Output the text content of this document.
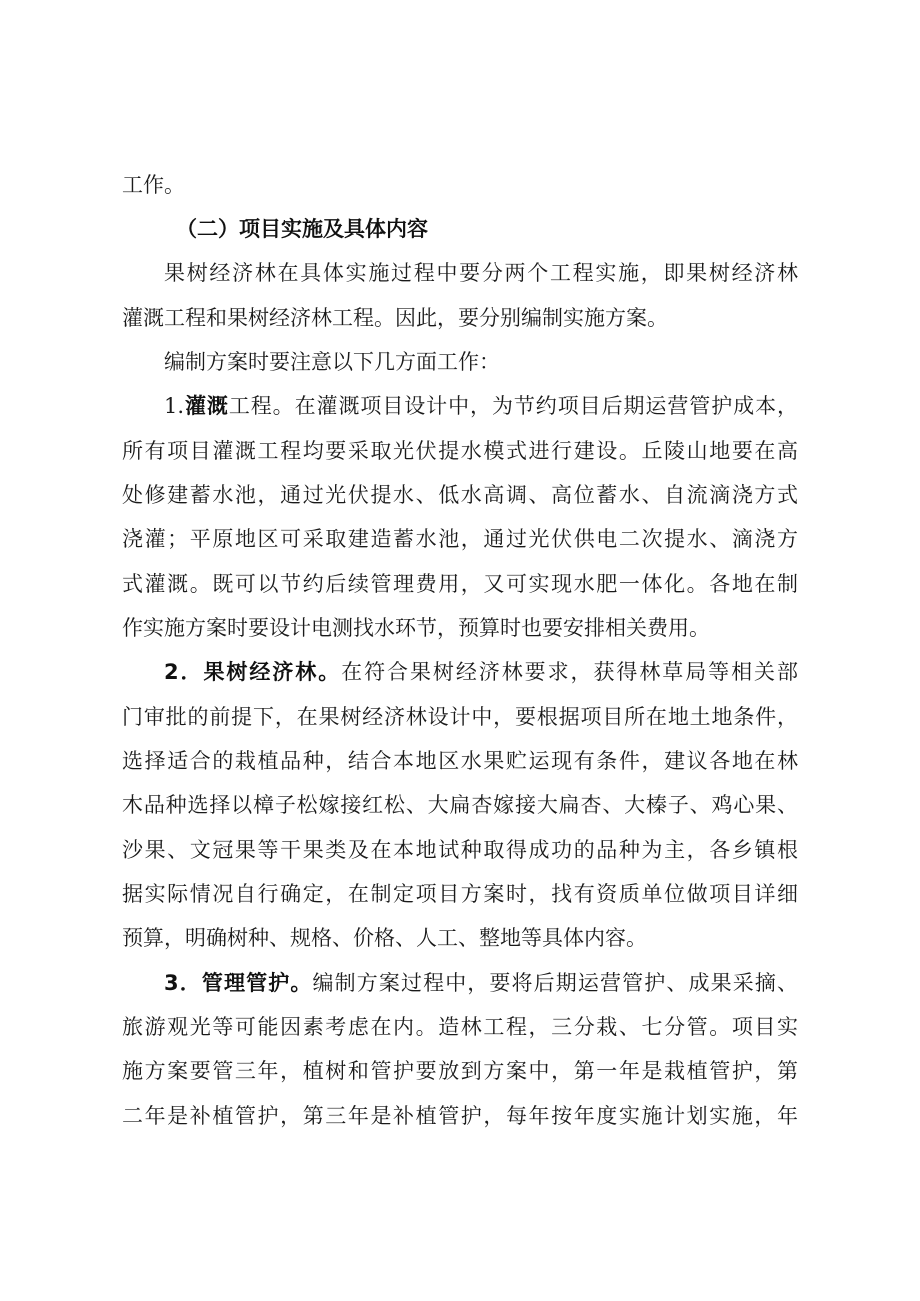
工作。
（二）项目实施及具体内容
果树经济林在具体实施过程中要分两个工程实施，即果树经济林
灌溉工程和果树经济林工程。因此，要分别编制实施方案。
编制方案时要注意以下几方面工作：
1.灌溉工程。在灌溉项目设计中，为节约项目后期运营管护成本，
所有项目灌溉工程均要采取光伏提水模式进行建设。丘陵山地要在高
处修建蓄水池，通过光伏提水、低水高调、高位蓄水、自流滴浇方式
浇灌；平原地区可采取建造蓄水池，通过光伏供电二次提水、滴浇方
式灌溉。既可以节约后续管理费用，又可实现水肥一体化。各地在制
作实施方案时要设计电测找水环节，预算时也要安排相关费用。
2．果树经济林。在符合果树经济林要求，获得林草局等相关部
门审批的前提下，在果树经济林设计中，要根据项目所在地土地条件，
选择适合的栽植品种，结合本地区水果贮运现有条件，建议各地在林
木品种选择以樟子松嫁接红松、大扁杏嫁接大扁杏、大榛子、鸡心果、
沙果、文冠果等干果类及在本地试种取得成功的品种为主，各乡镇根
据实际情况自行确定，在制定项目方案时，找有资质单位做项目详细
预算，明确树种、规格、价格、人工、整地等具体内容。
3．管理管护。编制方案过程中，要将后期运营管护、成果采摘、
旅游观光等可能因素考虑在内。造林工程，三分栽、七分管。项目实
施方案要管三年，植树和管护要放到方案中，第一年是栽植管护，第
二年是补植管护，第三年是补植管护，每年按年度实施计划实施，年
